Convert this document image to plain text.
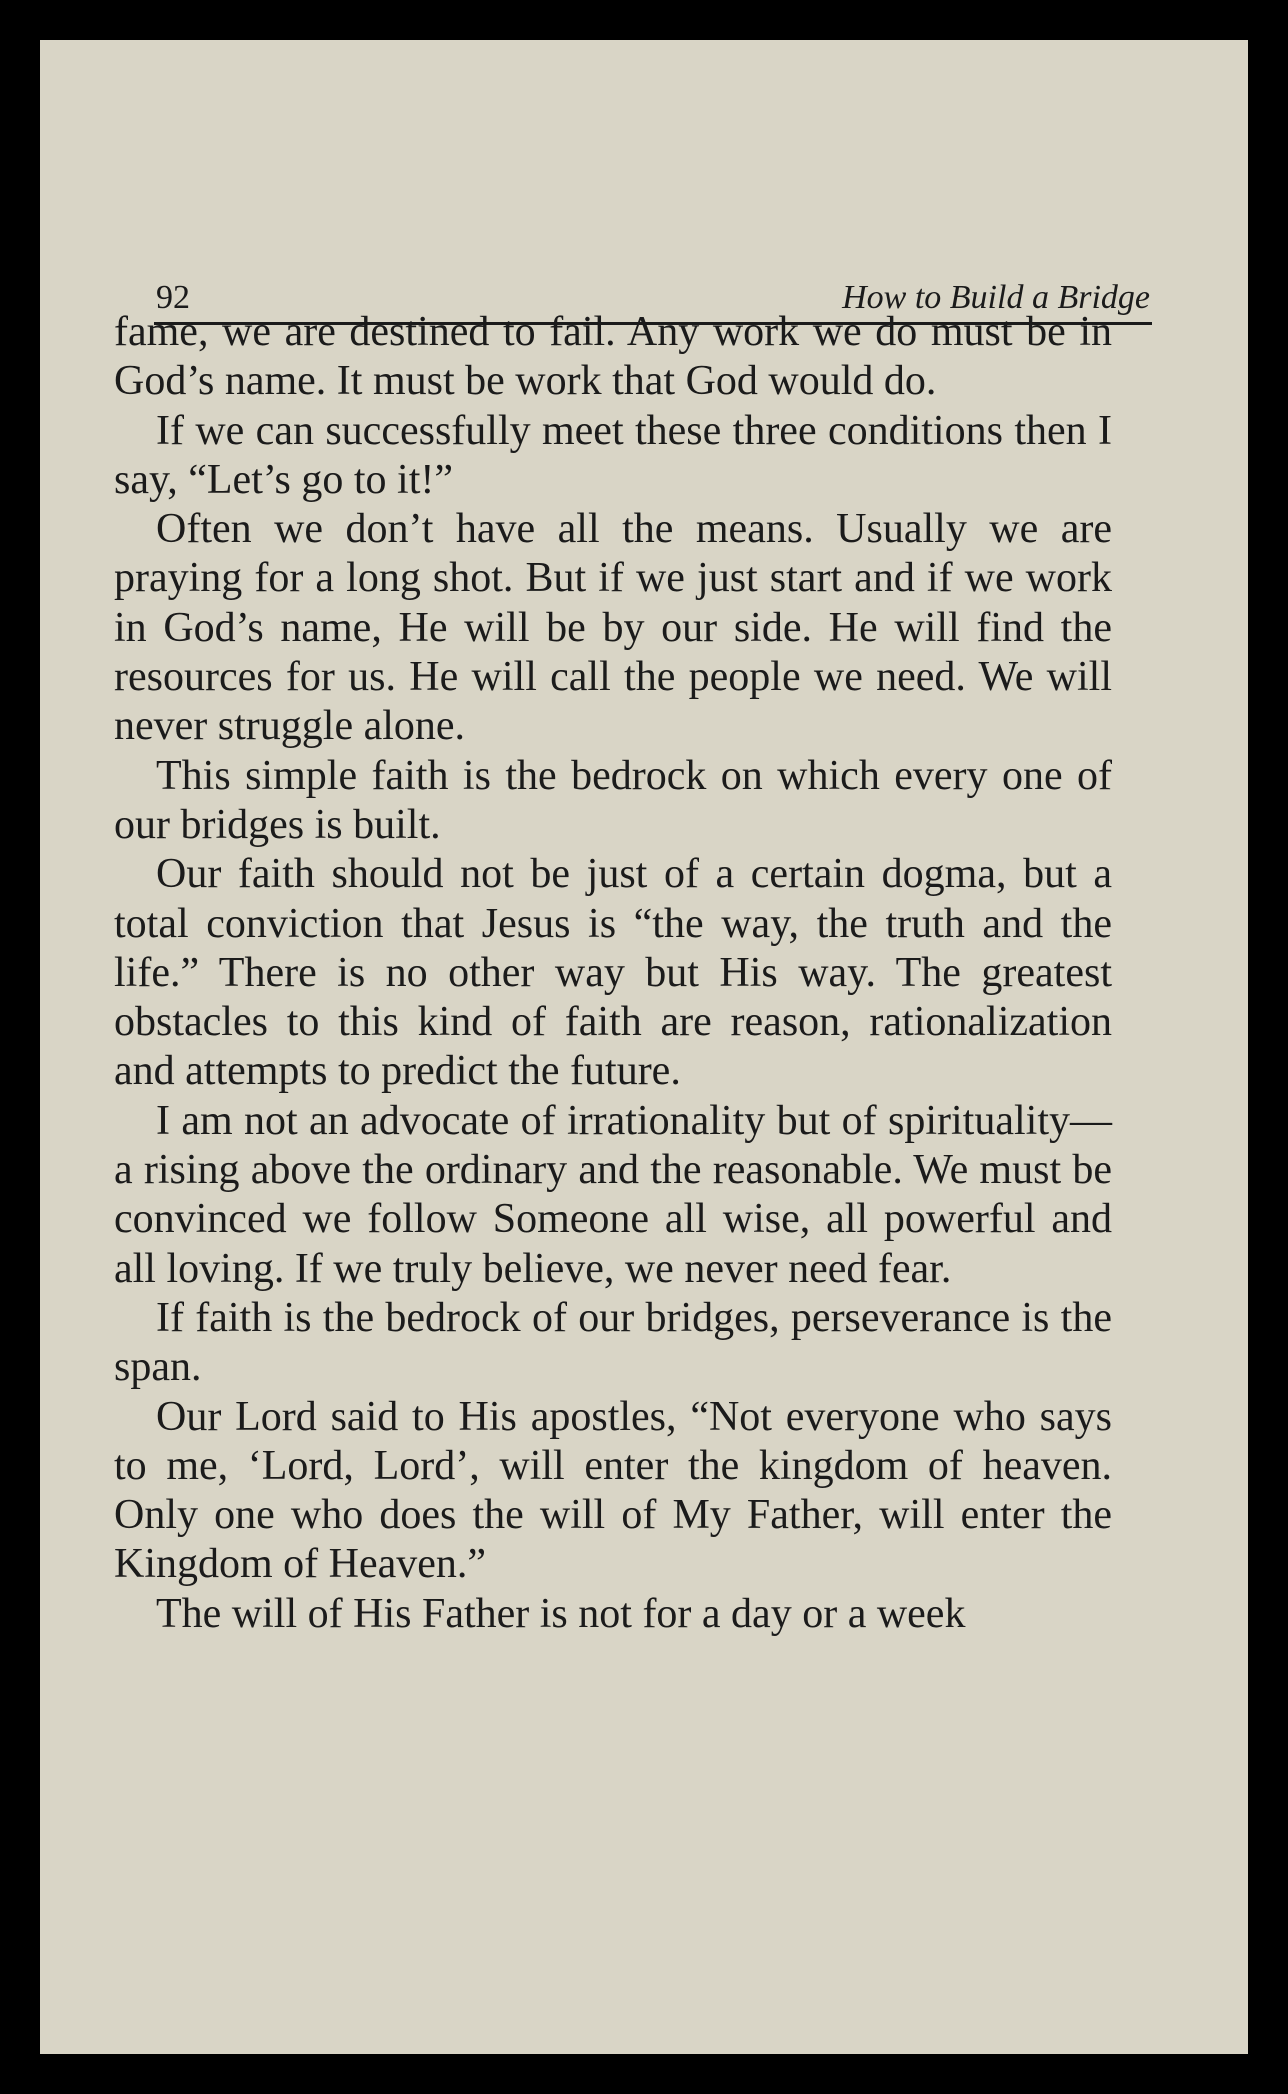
92	How to Build a Bridge

fame, we are destined to fail. Any work we do must be in God’s name. It must be work that God would do.

If we can successfully meet these three conditions then I say, “Let’s go to it!”

Often we don’t have all the means. Usually we are praying for a long shot. But if we just start and if we work in God’s name, He will be by our side. He will find the resources for us. He will call the people we need. We will never struggle alone.

This simple faith is the bedrock on which every one of our bridges is built.

Our faith should not be just of a certain dogma, but a total conviction that Jesus is “the way, the truth and the life.” There is no other way but His way. The greatest obstacles to this kind of faith are reason, rationalization and attempts to predict the future.

I am not an advocate of irrationality but of spirituality—a rising above the ordinary and the reasonable. We must be convinced we follow Someone all wise, all powerful and all loving. If we truly believe, we never need fear.

If faith is the bedrock of our bridges, perseverance is the span.

Our Lord said to His apostles, “Not everyone who says to me, ‘Lord, Lord’, will enter the kingdom of heaven. Only one who does the will of My Father, will enter the Kingdom of Heaven.”

The will of His Father is not for a day or a week
